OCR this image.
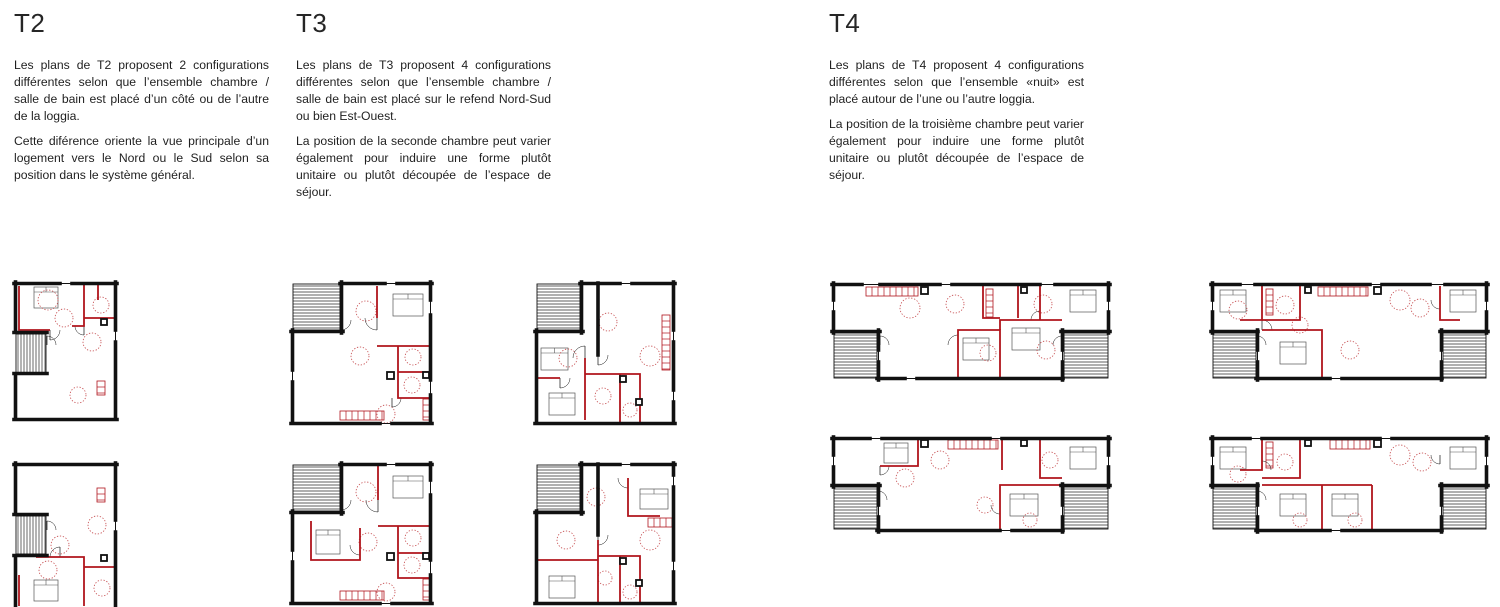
T2

Les plans de T2 proposent 2 configurations différentes selon que l’ensemble chambre / salle de bain est placé d’un côté ou de l’autre de la loggia.

Cette diférence oriente la vue principale d’un logement vers le Nord ou le Sud selon sa position dans le système général.

T3

Les plans de T3 proposent 4 configurations différentes selon que l’ensemble chambre / salle de bain est placé sur le refend Nord-Sud ou bien Est-Ouest.

La position de la seconde chambre peut varier également pour induire une forme plutôt unitaire ou plutôt découpée de l’espace de séjour.

T4

Les plans de T4 proposent 4 configurations différentes selon que l’ensemble «nuit» est placé autour de l’une ou l’autre loggia.

La position de la troisième chambre peut varier également pour induire une forme plutôt unitaire ou plutôt découpée de l’espace de séjour.
